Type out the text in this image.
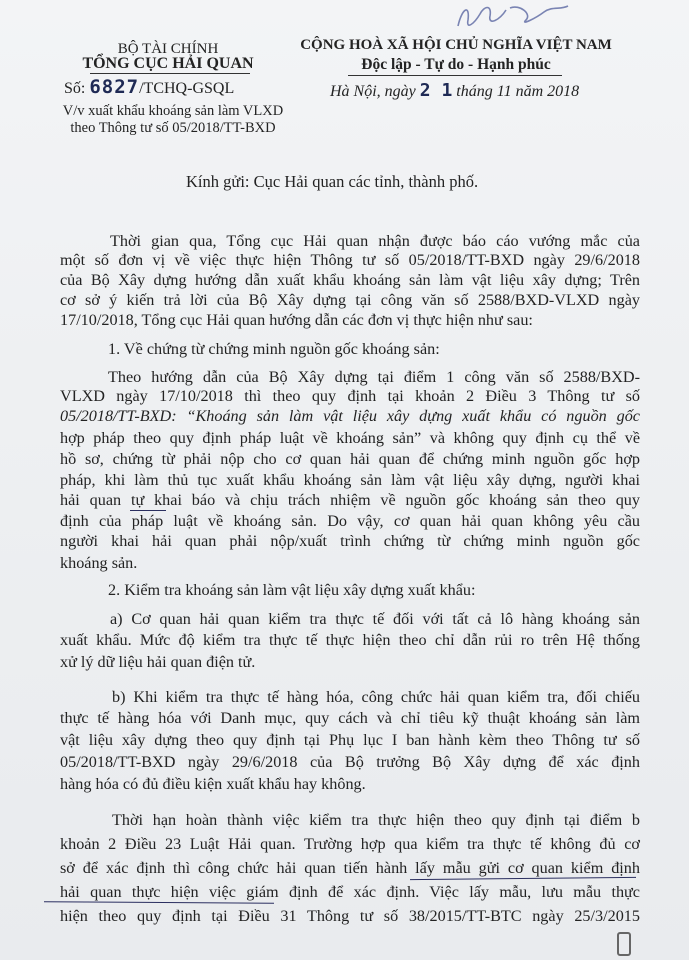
BỘ TÀI CHÍNH
TỔNG CỤC HẢI QUAN
Số: 6827/TCHQ-GSQL
V/v xuất khẩu khoáng sản làm VLXD
theo Thông tư số 05/2018/TT-BXD
CỘNG HOÀ XÃ HỘI CHỦ NGHĨA VIỆT NAM
Độc lập - Tự do - Hạnh phúc
Hà Nội, ngày 2 1 tháng 11 năm 2018
Kính gửi: Cục Hải quan các tỉnh, thành phố.
Thời gian qua, Tổng cục Hải quan nhận được báo cáo vướng mắc của
một số đơn vị về việc thực hiện Thông tư số 05/2018/TT-BXD ngày 29/6/2018
của Bộ Xây dựng hướng dẫn xuất khẩu khoáng sản làm vật liệu xây dựng; Trên
cơ sở ý kiến trả lời của Bộ Xây dựng tại công văn số 2588/BXD-VLXD ngày
17/10/2018, Tổng cục Hải quan hướng dẫn các đơn vị thực hiện như sau:
1. Về chứng từ chứng minh nguồn gốc khoáng sản:
Theo hướng dẫn của Bộ Xây dựng tại điểm 1 công văn số 2588/BXD-
VLXD ngày 17/10/2018 thì theo quy định tại khoản 2 Điều 3 Thông tư số
05/2018/TT-BXD: “Khoáng sản làm vật liệu xây dựng xuất khẩu có nguồn gốc
hợp pháp theo quy định pháp luật về khoáng sản” và không quy định cụ thể về
hồ sơ, chứng từ phải nộp cho cơ quan hải quan để chứng minh nguồn gốc hợp
pháp, khi làm thủ tục xuất khẩu khoáng sản làm vật liệu xây dựng, người khai
hải quan tự khai báo và chịu trách nhiệm về nguồn gốc khoáng sản theo quy
định của pháp luật về khoáng sản. Do vậy, cơ quan hải quan không yêu cầu
người khai hải quan phải nộp/xuất trình chứng từ chứng minh nguồn gốc
khoáng sản.
2. Kiểm tra khoáng sản làm vật liệu xây dựng xuất khẩu:
a) Cơ quan hải quan kiểm tra thực tế đối với tất cả lô hàng khoáng sản
xuất khẩu. Mức độ kiểm tra thực tế thực hiện theo chỉ dẫn rủi ro trên Hệ thống
xử lý dữ liệu hải quan điện tử.
b) Khi kiểm tra thực tế hàng hóa, công chức hải quan kiểm tra, đối chiếu
thực tế hàng hóa với Danh mục, quy cách và chỉ tiêu kỹ thuật khoáng sản làm
vật liệu xây dựng theo quy định tại Phụ lục I ban hành kèm theo Thông tư số
05/2018/TT-BXD ngày 29/6/2018 của Bộ trưởng Bộ Xây dựng để xác định
hàng hóa có đủ điều kiện xuất khẩu hay không.
Thời hạn hoàn thành việc kiểm tra thực hiện theo quy định tại điểm b
khoản 2 Điều 23 Luật Hải quan. Trường hợp qua kiểm tra thực tế không đủ cơ
sở để xác định thì công chức hải quan tiến hành lấy mẫu gửi cơ quan kiểm định
hải quan thực hiện việc giám định để xác định. Việc lấy mẫu, lưu mẫu thực
hiện theo quy định tại Điều 31 Thông tư số 38/2015/TT-BTC ngày 25/3/2015
